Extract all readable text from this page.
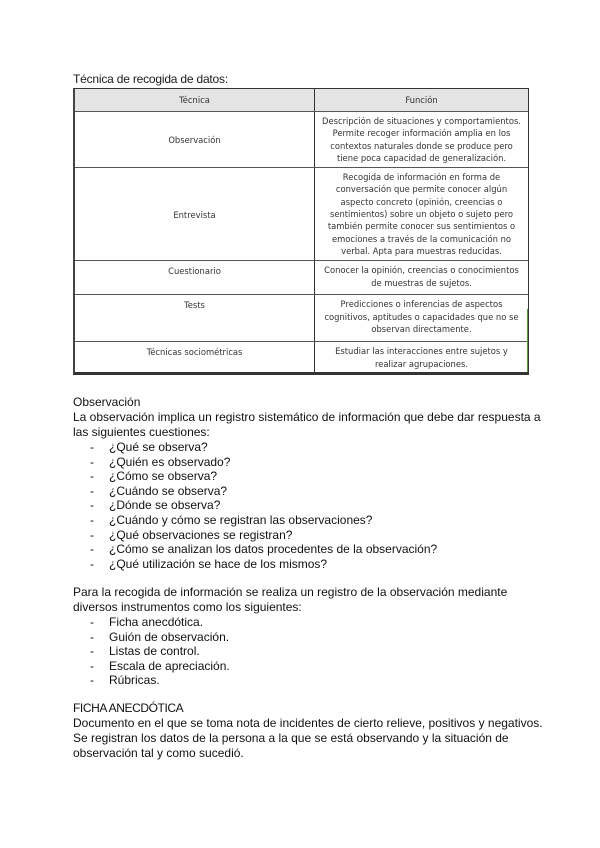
Técnica de recogida de datos:
Técnica	Función
Observación	Descripción de situaciones y comportamientos. Permite recoger información amplia en los contextos naturales donde se produce pero tiene poca capacidad de generalización.
Entrevista	Recogida de información en forma de conversación que permite conocer algún aspecto concreto (opinión, creencias o sentimientos) sobre un objeto o sujeto pero también permite conocer sus sentimientos o emociones a través de la comunicación no verbal. Apta para muestras reducidas.
Cuestionario	Conocer la opinión, creencias o conocimientos de muestras de sujetos.
Tests	Predicciones o inferencias de aspectos cognitivos, aptitudes o capacidades que no se observan directamente.
Técnicas sociométricas	Estudiar las interacciones entre sujetos y realizar agrupaciones.

Observación
La observación implica un registro sistemático de información que debe dar respuesta a las siguientes cuestiones:
- ¿Qué se observa?
- ¿Quién es observado?
- ¿Cómo se observa?
- ¿Cuándo se observa?
- ¿Dónde se observa?
- ¿Cuándo y cómo se registran las observaciones?
- ¿Qué observaciones se registran?
- ¿Cómo se analizan los datos procedentes de la observación?
- ¿Qué utilización se hace de los mismos?
Para la recogida de información se realiza un registro de la observación mediante diversos instrumentos como los siguientes:
- Ficha anecdótica.
- Guión de observación.
- Listas de control.
- Escala de apreciación.
- Rúbricas.
FICHA ANECDÓTICA
Documento en el que se toma nota de incidentes de cierto relieve, positivos y negativos. Se registran los datos de la persona a la que se está observando y la situación de observación tal y como sucedió.
